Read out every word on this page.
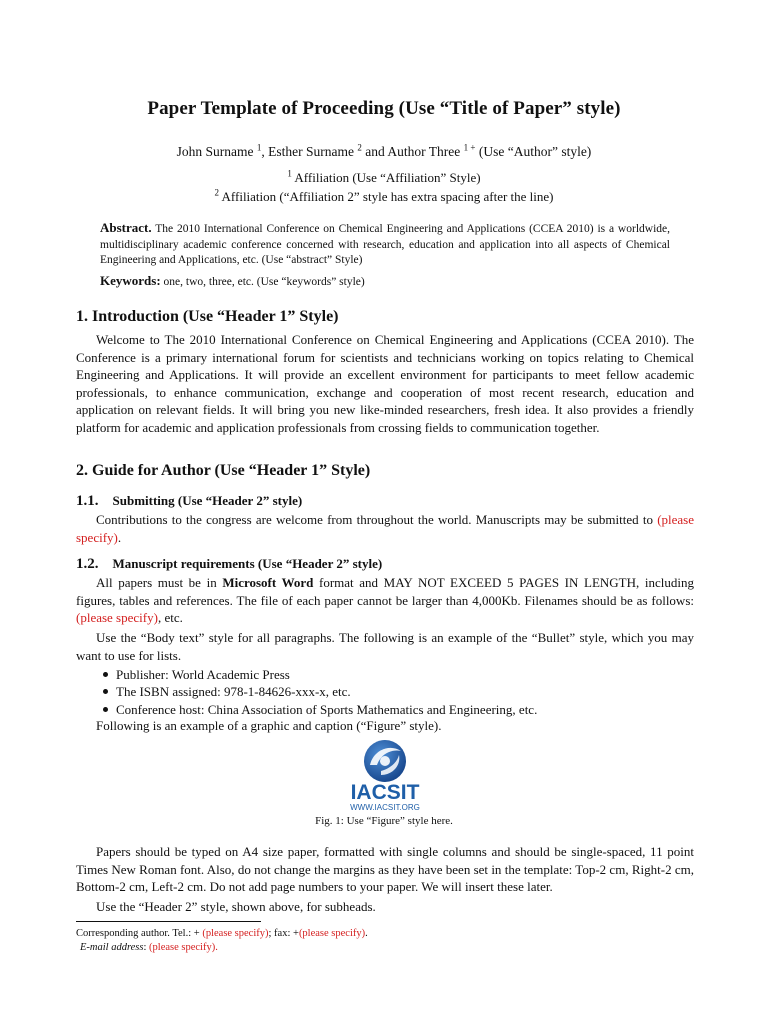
Paper Template of Proceeding (Use “Title of Paper” style)
John Surname $^1$, Esther Surname $^2$ and Author Three $^{1 +}$ (Use “Author” style)
$^1$ Affiliation (Use “Affiliation” Style)
$^2$ Affiliation (“Affiliation 2” style has extra spacing after the line)
Abstract. The 2010 International Conference on Chemical Engineering and Applications (CCEA 2010) is a worldwide, multidisciplinary academic conference concerned with research, education and application into all aspects of Chemical Engineering and Applications, etc. (Use “abstract” Style)
Keywords: one, two, three, etc. (Use “keywords” style)
1. Introduction (Use “Header 1” Style)

Welcome to The 2010 International Conference on Chemical Engineering and Applications (CCEA 2010). The Conference is a primary international forum for scientists and technicians working on topics relating to Chemical Engineering and Applications. It will provide an excellent environment for participants to meet fellow academic professionals, to enhance communication, exchange and cooperation of most recent research, education and application on relevant fields. It will bring you new like-minded researchers, fresh idea. It also provides a friendly platform for academic and application professionals from crossing fields to communication together.

2. Guide for Author (Use “Header 1” Style)
1.1. Submitting (Use “Header 2” style)

Contributions to the congress are welcome from throughout the world. Manuscripts may be submitted to (please specify).

1.2. Manuscript requirements (Use “Header 2” style)

All papers must be in Microsoft Word format and MAY NOT EXCEED 5 PAGES IN LENGTH, including figures, tables and references. The file of each paper cannot be larger than 4,000Kb. Filenames should be as follows: (please specify), etc.

Use the “Body text” style for all paragraphs. The following is an example of the “Bullet” style, which you may want to use for lists.

Publisher: World Academic Press
The ISBN assigned: 978-1-84626-xxx-x, etc.
Conference host: China Association of Sports Mathematics and Engineering, etc.
Following is an example of a graphic and caption (“Figure” style).
IACSIT
WWW.IACSIT.ORG
Fig. 1: Use “Figure” style here.

Papers should be typed on A4 size paper, formatted with single columns and should be single-spaced, 11 point Times New Roman font. Also, do not change the margins as they have been set in the template: Top-2 cm, Right-2 cm, Bottom-2 cm, Left-2 cm. Do not add page numbers to your paper. We will insert these later.

Use the “Header 2” style, shown above, for subheads.
Corresponding author. Tel.: + (please specify); fax: +(please specify).
E-mail address: (please specify).
